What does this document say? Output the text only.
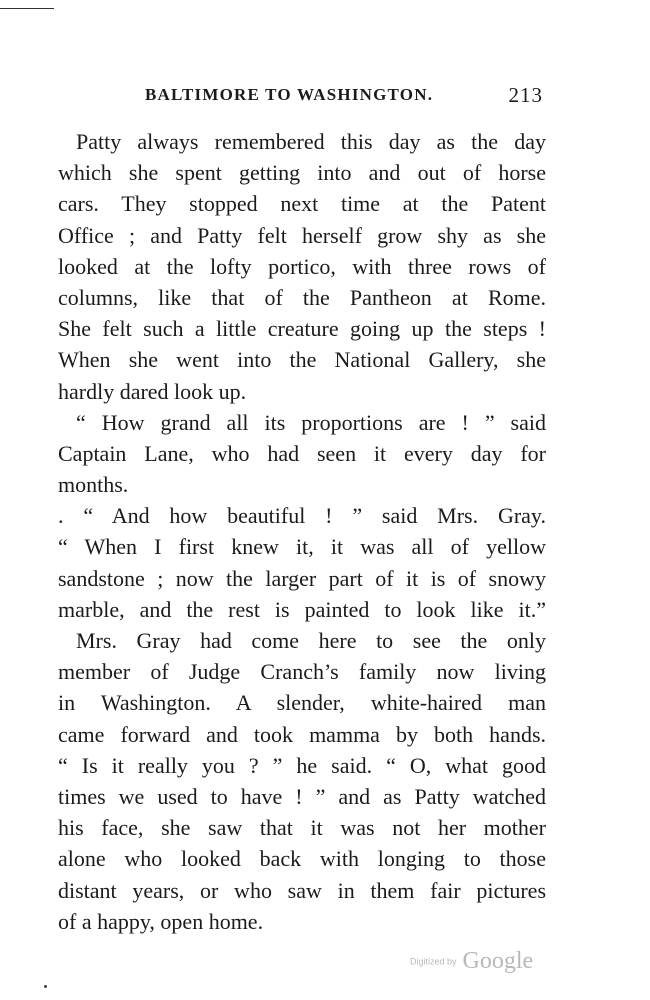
BALTIMORE TO WASHINGTON.	213
Patty always remembered this day as the day
which she spent getting into and out of horse
cars. They stopped next time at the Patent
Office ; and Patty felt herself grow shy as she
looked at the lofty portico, with three rows of
columns, like that of the Pantheon at Rome.
She felt such a little creature going up the steps !
When she went into the National Gallery, she
hardly dared look up.
“ How grand all its proportions are ! ” said
Captain Lane, who had seen it every day for
months.
. “ And how beautiful ! ” said Mrs. Gray.
“ When I first knew it, it was all of yellow
sandstone ; now the larger part of it is of snowy
marble, and the rest is painted to look like it.”
Mrs. Gray had come here to see the only
member of Judge Cranch’s family now living
in Washington. A slender, white-haired man
came forward and took mamma by both hands.
“ Is it really you ? ” he said. “ O, what good
times we used to have ! ” and as Patty watched
his face, she saw that it was not her mother
alone who looked back with longing to those
distant years, or who saw in them fair pictures
of a happy, open home.
Digitized by Google
